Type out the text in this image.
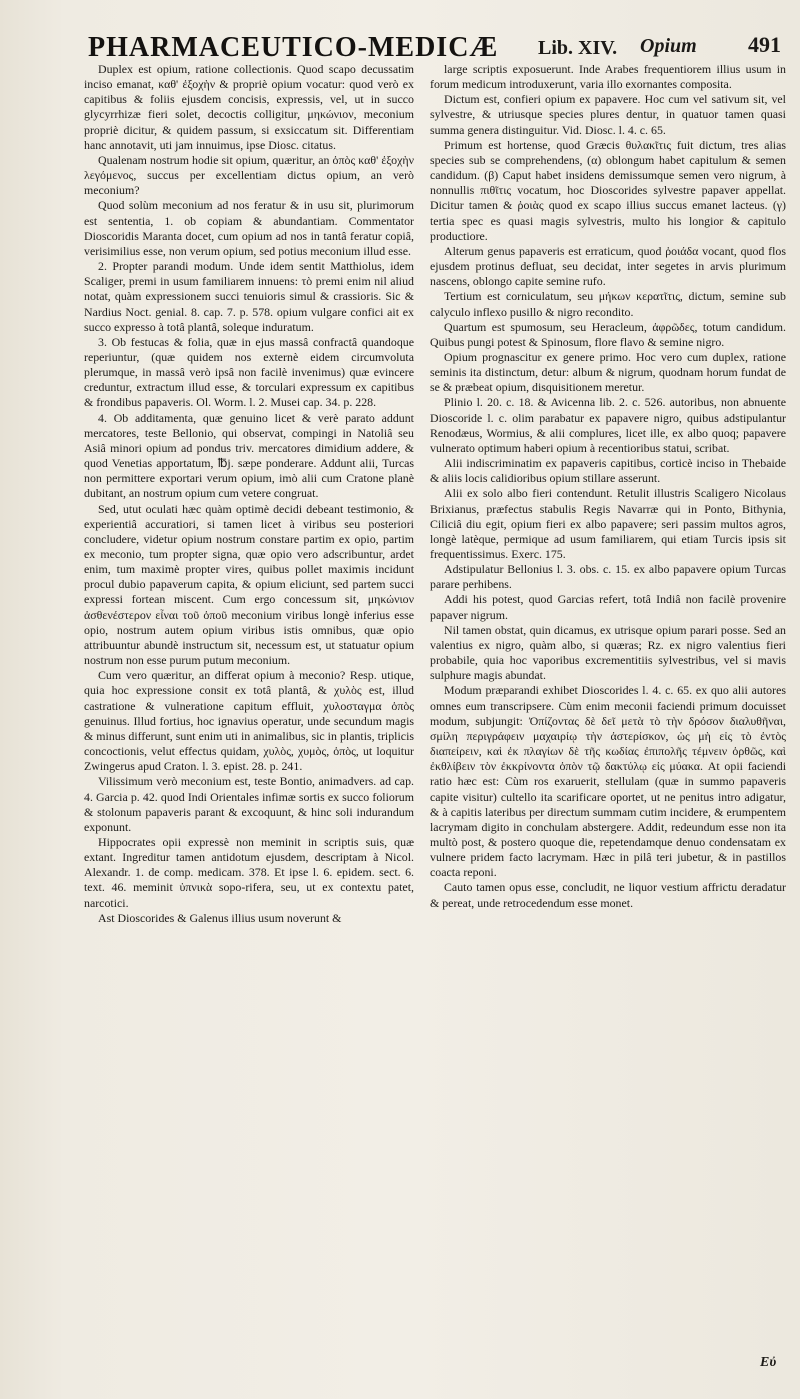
PHARMACEUTICO-MEDICÆ Lib. XIV. Opium 491

Duplex est opium, ratione collectionis. Quod scapo decussatim inciso emanat, καθ' ἐξοχὴν & propriè opium vocatur: quod verò ex capitibus & foliis ejusdem concisis, expressis, vel, ut in succo glycyrrhizæ fieri solet, decoctis colligitur, μηκώνιον, meconium propriè dicitur, & quidem passum, si exsiccatum sit. Differentiam hanc annotavit, uti jam innuimus, ipse Diosc. citatus.

Qualenam nostrum hodie sit opium, quæritur, an ὀπὸς καθ' ἐξοχὴν λεγόμενος, succus per excellentiam dictus opium, an verò meconium?

Quod solùm meconium ad nos feratur & in usu sit, plurimorum est sententia, 1. ob copiam & abundantiam. Commentator Dioscoridis Maranta docet, cum opium ad nos in tantâ feratur copiâ, verisimilius esse, non verum opium, sed potius meconium illud esse.

2. Propter parandi modum. Unde idem sentit Matthiolus, idem Scaliger, premi in usum familiarem innuens: τὸ premi enim nil aliud notat, quàm expressionem succi tenuioris simul & crassioris. Sic & Nardius Noct. genial. 8. cap. 7. p. 578. opium vulgare confici ait ex succo expresso à totâ plantâ, soleque induratum.

3. Ob festucas & folia, quæ in ejus massâ confractâ quandoque reperiuntur, (quæ quidem nos externè eidem circumvoluta plerumque, in massâ verò ipsâ non facilè invenimus) quæ evincere creduntur, extractum illud esse, & torculari expressum ex capitibus & frondibus papaveris. Ol. Worm. l. 2. Musei cap. 34. p. 228.

4. Ob additamenta, quæ genuino licet & verè parato addunt mercatores, teste Bellonio, qui observat, compingi in Natoliâ seu Asiâ minori opium ad pondus triv. mercatores dimidium addere, & quod Venetias apportatum, ℔j. sæpe ponderare. Addunt alii, Turcas non permittere exportari verum opium, imò alii cum Cratone planè dubitant, an nostrum opium cum vetere congruat.

Sed, utut oculati hæc quàm optimè decidi debeant testimonio, & experientiâ accuratiori, si tamen licet à viribus seu posteriori concludere, videtur opium nostrum constare partim ex opio, partim ex meconio, tum propter signa, quæ opio vero adscribuntur, ardet enim, tum maximè propter vires, quibus pollet maximis incidunt procul dubio papaverum capita, & opium eliciunt, sed partem succi expressi fortean miscent. Cum ergo concessum sit, μηκώνιον ἀσθενέστερον εἶναι τοῦ ὀποῦ meconium viribus longè inferius esse opio, nostrum autem opium viribus istis omnibus, quæ opio attribuuntur abundè instructum sit, necessum est, ut statuatur opium nostrum non esse purum putum meconium.

Cum vero quæritur, an differat opium à meconio? Resp. utique, quia hoc expressione consit ex totâ plantâ, & χυλὸς est, illud castratione & vulneratione capitum effluit, χυλοσταγμα ὀπὸς genuinus. Illud fortius, hoc ignavius operatur, unde secundum magis & minus differunt, sunt enim uti in animalibus, sic in plantis, triplicis concoctionis, velut effectus quidam, χυλὸς, χυμὸς, ὀπὸς, ut loquitur Zwingerus apud Craton. l. 3. epist. 28. p. 241.

Vilissimum verò meconium est, teste Bontio, animadvers. ad cap. 4. Garcia p. 42. quod Indi Orientales infimæ sortis ex succo foliorum & stolonum papaveris parant & excoquunt, & hinc soli indurandum exponunt.

Hippocrates opii expressè non meminit in scriptis suis, quæ extant. Ingreditur tamen antidotum ejusdem, descriptam à Nicol. Alexandr. 1. de comp. medicam. 378. Et ipse l. 6. epidem. sect. 6. text. 46. meminit ὑπνικὰ sopo-rifera, seu, ut ex contextu patet, narcotici.

Ast Dioscorides & Galenus illius usum noverunt &

large scriptis exposuerunt. Inde Arabes frequentiorem illius usum in forum medicum introduxerunt, varia illo exornantes composita.

Dictum est, confieri opium ex papavere. Hoc cum vel sativum sit, vel sylvestre, & utriusque species plures dentur, in quatuor tamen quasi summa genera distinguitur. Vid. Diosc. l. 4. c. 65.

Primum est hortense, quod Græcis θυλακῖτις fuit dictum, tres alias species sub se comprehendens, (α) oblongum habet capitulum & semen candidum. (β) Caput habet insidens demissumque semen vero nigrum, à nonnullis πιθῖτις vocatum, hoc Dioscorides sylvestre papaver appellat. Dicitur tamen & ῥοιὰς quod ex scapo illius succus emanet lacteus. (γ) tertia spec es quasi magis sylvestris, multo his longior & capitulo productiore.

Alterum genus papaveris est erraticum, quod ῥοιάδα vocant, quod flos ejusdem protinus defluat, seu decidat, inter segetes in arvis plurimum nascens, oblongo capite semine rufo.

Tertium est corniculatum, seu μήκων κερατῖτις, dictum, semine sub calyculo inflexo pusillo & nigro recondito.

Quartum est spumosum, seu Heracleum, ἀφρῶδες, totum candidum. Quibus pungi potest & Spinosum, flore flavo & semine nigro.

Opium prognascitur ex genere primo. Hoc vero cum duplex, ratione seminis ita distinctum, detur: album & nigrum, quodnam horum fundat de se & præbeat opium, disquisitionem meretur.

Plinio l. 20. c. 18. & Avicenna lib. 2. c. 526. autoribus, non abnuente Dioscoride l. c. olim parabatur ex papavere nigro, quibus adstipulantur Renodæus, Wormius, & alii complures, licet ille, ex albo quoq; papavere vulnerato optimum haberi opium à recentioribus statui, scribat.

Alii indiscriminatim ex papaveris capitibus, corticè inciso in Thebaide & aliis locis calidioribus opium stillare asserunt.

Alii ex solo albo fieri contendunt. Retulit illustris Scaligero Nicolaus Brixianus, præfectus stabulis Regis Navarræ qui in Ponto, Bithynia, Ciliciâ diu egit, opium fieri ex albo papavere; seri passim multos agros, longè latèque, permique ad usum familiarem, qui etiam Turcis ipsis sit frequentissimus. Exerc. 175.

Adstipulatur Bellonius l. 3. obs. c. 15. ex albo papavere opium Turcas parare perhibens.

Addi his potest, quod Garcias refert, totâ Indiâ non facilè provenire papaver nigrum.

Nil tamen obstat, quin dicamus, ex utrisque opium parari posse. Sed an valentius ex nigro, quàm albo, si quæras; Rz. ex nigro valentius fieri probabile, quia hoc vaporibus excrementitiis sylvestribus, vel si mavis sulphure magis abundat.

Modum præparandi exhibet Dioscorides l. 4. c. 65. ex quo alii autores omnes eum transcripsere. Cùm enim meconii faciendi primum docuisset modum, subjungit: Ὀπίζοντας δὲ δεῖ μετὰ τὸ τὴν δρόσον διαλυθῆναι, σμίλη περιγράφειν μαχαιρίῳ τὴν ἀστερίσκον, ὡς μὴ εἰς τὸ ἐντὸς διαπείρειν, καὶ ἐκ πλαγίων δὲ τῆς κωδίας ἐπιπολῆς τέμνειν ὀρθῶς, καὶ ἐκθλίβειν τὸν ἐκκρίνοντα ὀπὸν τῷ δακτύλῳ εἰς μύακα. At opii faciendi ratio hæc est: Cùm ros exaruerit, stellulam (quæ in summo papaveris capite visitur) cultello ita scarificare oportet, ut ne penitus intro adigatur, & à capitis lateribus per directum summam cutim incidere, & erumpentem lacrymam digito in conchulam abstergere. Addit, redeundum esse non ita multò post, & postero quoque die, repetendamque denuo condensatam ex vulnere pridem facto lacrymam. Hæc in pilâ teri jubetur, & in pastillos coacta reponi.

Cauto tamen opus esse, concludit, ne liquor vestium affrictu deradatur & pereat, unde retrocedendum esse monet.

Εὐ
